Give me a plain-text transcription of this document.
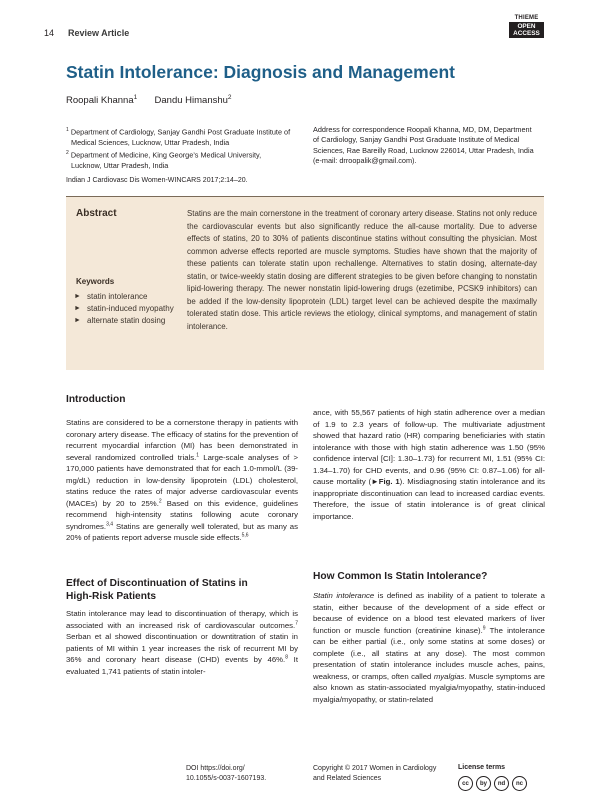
14 Review Article
THIEME
OPEN
ACCESS
Statin Intolerance: Diagnosis and Management
Roopali Khanna$^1$ Dandu Himanshu$^2$
$^1$ Department of Cardiology, Sanjay Gandhi Post Graduate Institute of
Medical Sciences, Lucknow, Uttar Pradesh, India
$^2$ Department of Medicine, King George’s Medical University,
Lucknow, Uttar Pradesh, India
Address for correspondence Roopali Khanna, MD, DM, Department
of Cardiology, Sanjay Gandhi Post Graduate Institute of Medical
Sciences, Rae Bareilly Road, Lucknow 226014, Uttar Pradesh, India
(e-mail: drroopalik@gmail.com).
Indian J Cardiovasc Dis Women-WINCARS 2017;2:14–20.
Abstract	Statins are the main cornerstone in the treatment of coronary artery disease. Statins not only reduce the cardiovascular events but also significantly reduce the all-cause mortality. Due to adverse effects of statins, 20 to 30% of patients discontinue statins without consulting the physician. Most common adverse effects reported are muscle symptoms. Studies have shown that the majority of these patients can tolerate statin upon rechallenge. Alternatives to statin dosing, alternate-day statin, or twice-weekly statin dosing are different strategies to be given before changing to nonstatin lipid-lowering therapy. The newer nonstatin lipid-lowering drugs (ezetimibe, PCSK9 inhibitors) can be added if the low-density lipoprotein (LDL) target level can be achieved despite the maximally tolerated statin dose. This article reviews the etiology, clinical symptoms, and management of statin intolerance.
Keywords
► statin intolerance
► statin-induced myopathy
► alternate statin dosing
Introduction
Statins are considered to be a cornerstone therapy in patients with coronary artery disease. The efficacy of statins for the prevention of recurrent myocardial infarction (MI) has been demonstrated in several randomized controlled trials.$^1$ Large-scale analyses of > 170,000 patients have demonstrated that for each 1.0-mmol/L (39-mg/dL) reduction in low-density lipoprotein (LDL) cholesterol, statins reduce the rates of major adverse cardiovascular events (MACEs) by 20 to 25%.$^2$ Based on this evidence, guidelines recommend high-intensity statins following acute coronary syndromes.$^{3,4}$ Statins are generally well tolerated, but as many as 20% of patients report adverse muscle side effects.$^{5,6}$
Effect of Discontinuation of Statins in
High-Risk Patients
Statin intolerance may lead to discontinuation of therapy, which is associated with an increased risk of cardiovascular outcomes.$^7$ Serban et al showed discontinuation or downtitration of statin in patients of MI within 1 year increases the risk of recurrent MI by 36% and coronary heart disease (CHD) events by 46%.$^8$ It evaluated 1,741 patients of statin intoler-
ance, with 55,567 patients of high statin adherence over a median of 1.9 to 2.3 years of follow-up. The multivariate adjustment showed that hazard ratio (HR) comparing beneficiaries with statin intolerance with those with high statin adherence was 1.50 (95% confidence interval [CI]: 1.30–1.73) for recurrent MI, 1.51 (95% CI: 1.34–1.70) for CHD events, and 0.96 (95% CI: 0.87–1.06) for all-cause mortality (►Fig. 1). Misdiagnosing statin intolerance and its inappropriate discontinuation can lead to increased cardiac events. Therefore, the issue of statin intolerance is of great clinical importance.
How Common Is Statin Intolerance?
Statin intolerance is defined as inability of a patient to tolerate a statin, either because of the development of a side effect or because of evidence on a blood test elevated markers of liver function or muscle function (creatinine kinase).$^9$ The intolerance can be either partial (i.e., only some statins at some doses) or complete (i.e., all statins at any dose). The most common presentation of statin intolerance includes muscle aches, pains, weakness, or cramps, often called myalgias. Muscle symptoms are also known as statin-associated myalgia/myopathy, statin-induced myalgia/myopathy, or statin-related
DOI https://doi.org/
10.1055/s-0037-1607193.
Copyright © 2017 Women in Cardiology
and Related Sciences
License terms
cc	by	nd	nc
